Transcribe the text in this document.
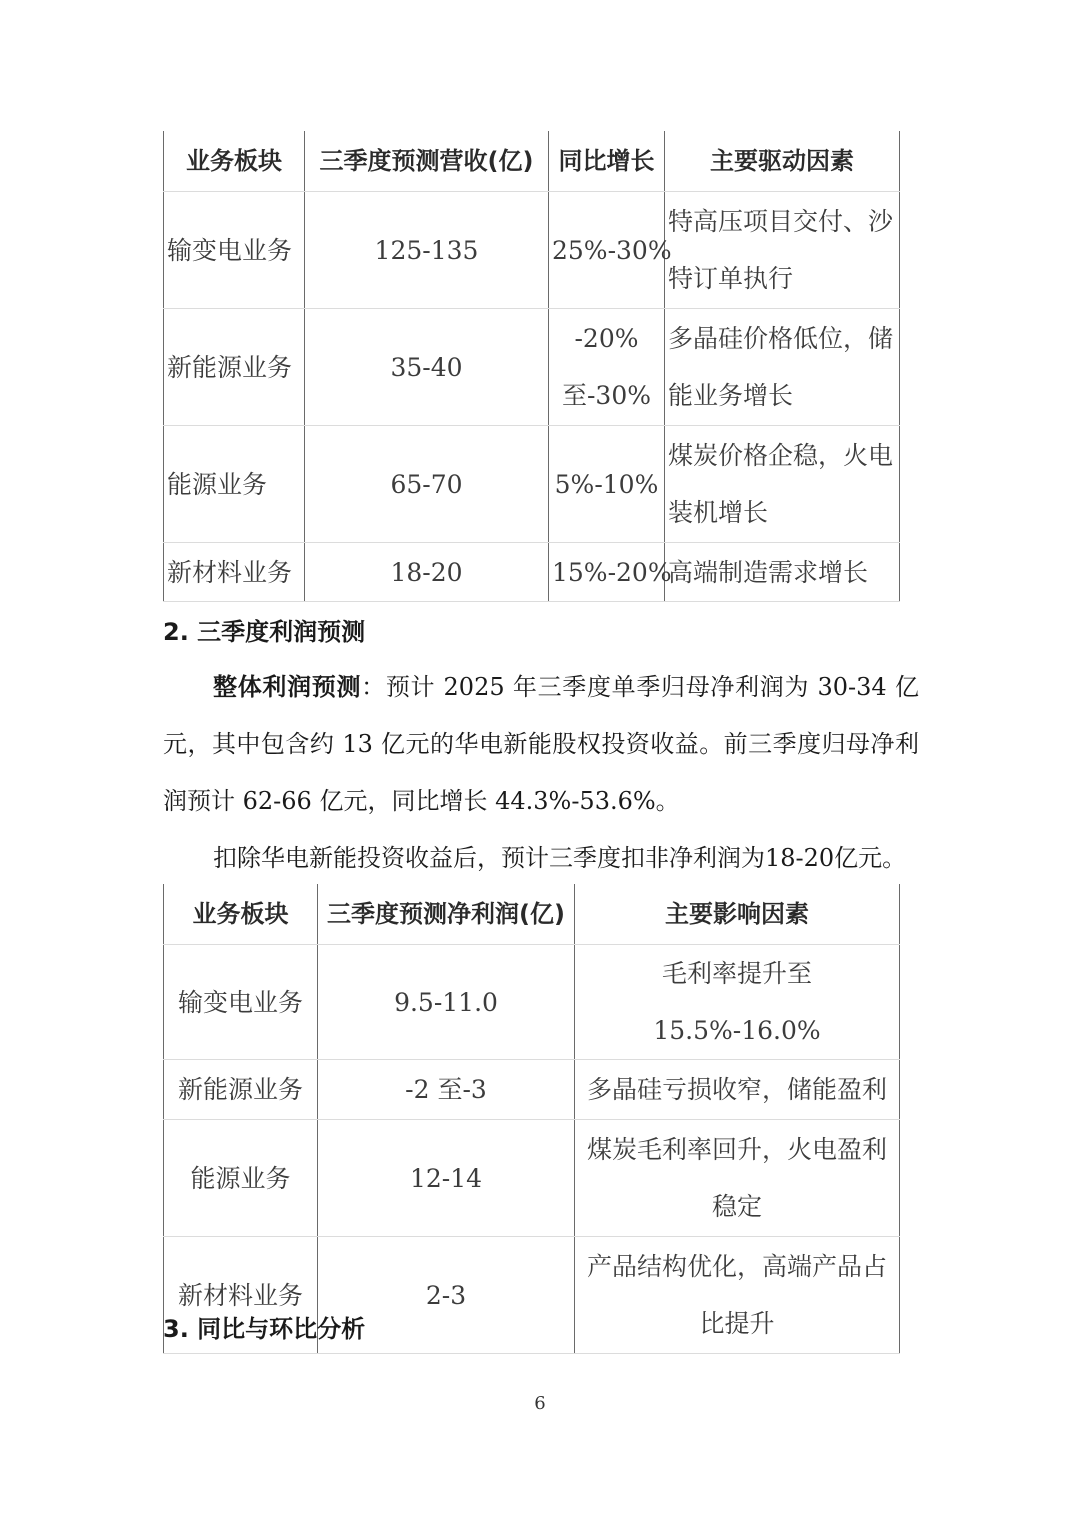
业务板块	三季度预测营收(亿)	同比增长	主要驱动因素
输变电业务	125-135	25%-30%	特高压项目交付、沙特订单执行
新能源业务	35-40	-20%至-30%	多晶硅价格低位，储能业务增长
能源业务	65-70	5%-10%	煤炭价格企稳，火电装机增长
新材料业务	18-20	15%-20%	高端制造需求增长
2. 三季度利润预测

整体利润预测：预计 2025 年三季度单季归母净利润为 30-34 亿元，其中包含约 13 亿元的华电新能股权投资收益。前三季度归母净利润预计 62-66 亿元，同比增长 44.3%-53.6%。

扣除华电新能投资收益后，预计三季度扣非净利润为18-20亿元。

业务板块	三季度预测净利润(亿)	主要影响因素
输变电业务	9.5-11.0	毛利率提升至 15.5%-16.0%
新能源业务	-2 至-3	多晶硅亏损收窄，储能盈利
能源业务	12-14	煤炭毛利率回升，火电盈利稳定
新材料业务	2-3	产品结构优化，高端产品占比提升
3. 同比与环比分析
6
